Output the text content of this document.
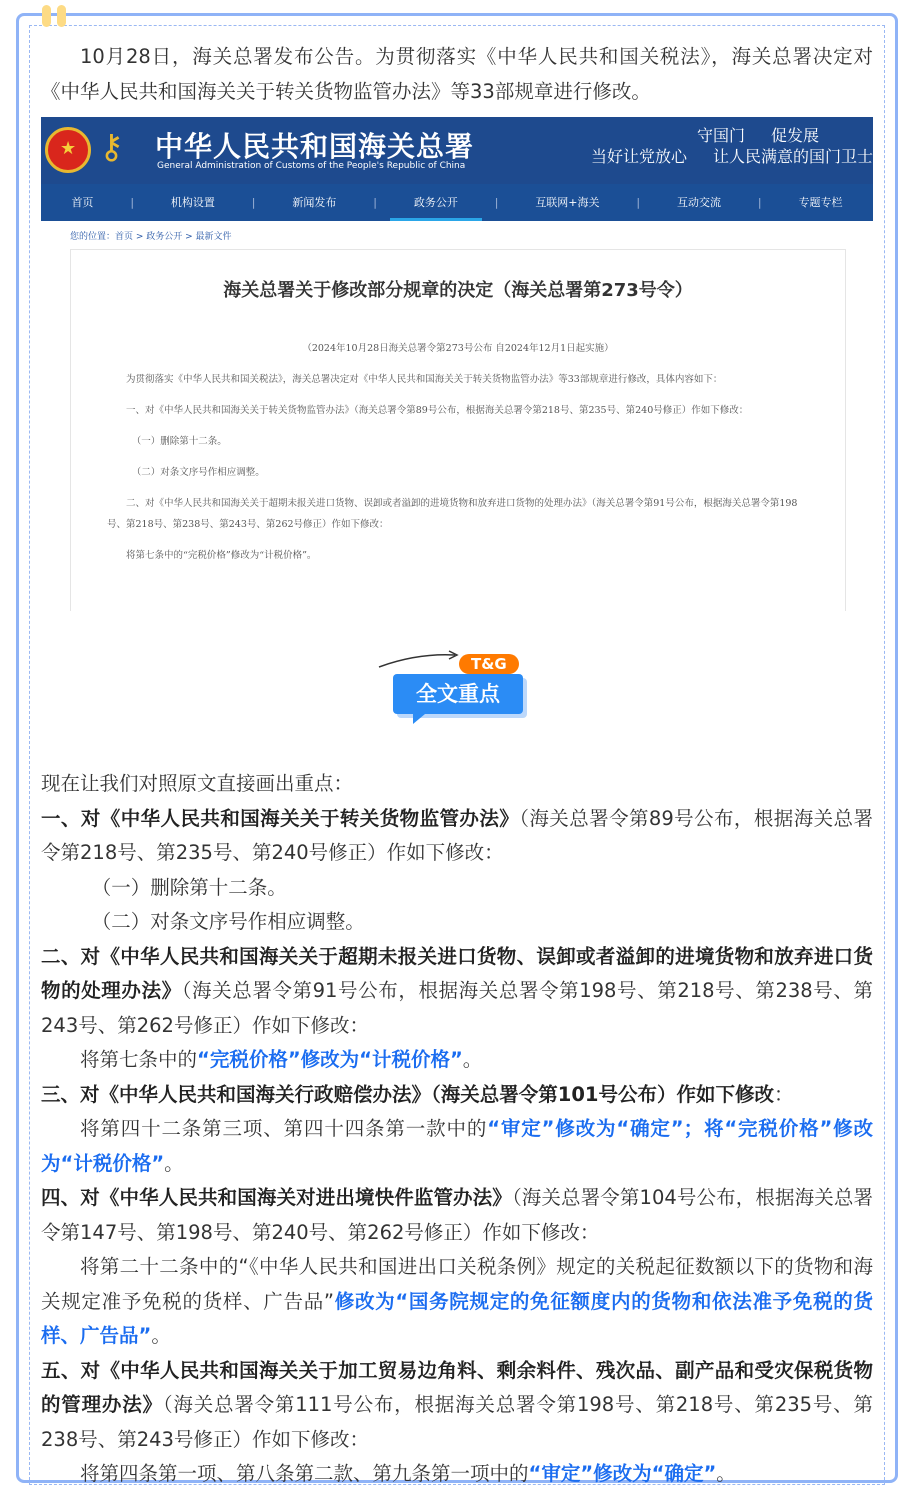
10月28日，海关总署发布公告。为贯彻落实《中华人民共和国关税法》，海关总署决定对《中华人民共和国海关关于转关货物监管办法》等33部规章进行修改。

★ ⚷ 中华人民共和国海关总署
General Administration of Customs of the People's Republic of China
守国门 促发展
当好让党放心 让人民满意的国门卫士
首页	|	机构设置	|	新闻发布	|	政务公开	|	互联网+海关	|	互动交流	|	专题专栏
您的位置：首页 > 政务公开 > 最新文件
海关总署关于修改部分规章的决定（海关总署第273号令）
（2024年10月28日海关总署令第273号公布 自2024年12月1日起实施）
为贯彻落实《中华人民共和国关税法》，海关总署决定对《中华人民共和国海关关于转关货物监管办法》等33部规章进行修改，具体内容如下：
一、对《中华人民共和国海关关于转关货物监管办法》（海关总署令第89号公布，根据海关总署令第218号、第235号、第240号修正）作如下修改：
（一）删除第十二条。
（二）对条文序号作相应调整。
二、对《中华人民共和国海关关于超期未报关进口货物、误卸或者溢卸的进境货物和放弃进口货物的处理办法》（海关总署令第91号公布，根据海关总署令第198号、第218号、第238号、第243号、第262号修正）作如下修改：
将第七条中的“完税价格”修改为“计税价格”。
T&G
全文重点

现在让我们对照原文直接画出重点：

一、对《中华人民共和国海关关于转关货物监管办法》（海关总署令第89号公布，根据海关总署令第218号、第235号、第240号修正）作如下修改：

（一）删除第十二条。

（二）对条文序号作相应调整。

二、对《中华人民共和国海关关于超期未报关进口货物、误卸或者溢卸的进境货物和放弃进口货物的处理办法》（海关总署令第91号公布，根据海关总署令第198号、第218号、第238号、第243号、第262号修正）作如下修改：

将第七条中的“完税价格”修改为“计税价格”。

三、对《中华人民共和国海关行政赔偿办法》（海关总署令第101号公布）作如下修改：

将第四十二条第三项、第四十四条第一款中的“审定”修改为“确定”；将“完税价格”修改为“计税价格”。

四、对《中华人民共和国海关对进出境快件监管办法》（海关总署令第104号公布，根据海关总署令第147号、第198号、第240号、第262号修正）作如下修改：

将第二十二条中的“《中华人民共和国进出口关税条例》规定的关税起征数额以下的货物和海关规定准予免税的货样、广告品”修改为“国务院规定的免征额度内的货物和依法准予免税的货样、广告品”。

五、对《中华人民共和国海关关于加工贸易边角料、剩余料件、残次品、副产品和受灾保税货物的管理办法》（海关总署令第111号公布，根据海关总署令第198号、第218号、第235号、第238号、第243号修正）作如下修改：

将第四条第一项、第八条第二款、第九条第一项中的“审定”修改为“确定”。
